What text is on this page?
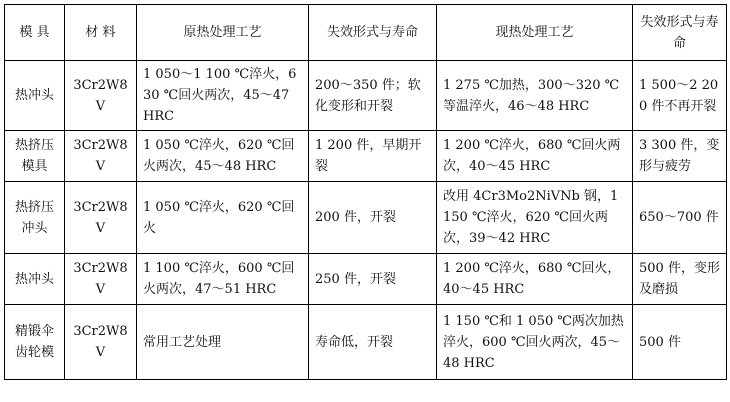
模 具	材 料	原热处理工艺	失效形式与寿命	现热处理工艺	失效形式与寿命
热冲头	3Cr2W8V	1 050～1 100 ℃淬火，630 ℃回火两次，45～47 HRC	200～350 件；软化变形和开裂	1 275 ℃加热，300～320 ℃等温淬火，46～48 HRC	1 500～2 200 件不再开裂
热挤压模具	3Cr2W8V	1 050 ℃淬火，620 ℃回火两次，45～48 HRC	1 200 件，早期开裂	1 200 ℃淬火，680 ℃回火两次，40～45 HRC	3 300 件，变形与疲劳
热挤压冲头	3Cr2W8V	1 050 ℃淬火，620 ℃回火	200 件，开裂	改用 4Cr3Mo2NiVNb 钢，1 150 ℃淬火，620 ℃回火两次，39～42 HRC	650～700 件
热冲头	3Cr2W8V	1 100 ℃淬火，600 ℃回火两次，47～51 HRC	250 件，开裂	1 200 ℃淬火，680 ℃回火，40～45 HRC	500 件，变形及磨损
精锻伞齿轮模	3Cr2W8V	常用工艺处理	寿命低，开裂	1 150 ℃和 1 050 ℃两次加热淬火，600 ℃回火两次，45～48 HRC	500 件
